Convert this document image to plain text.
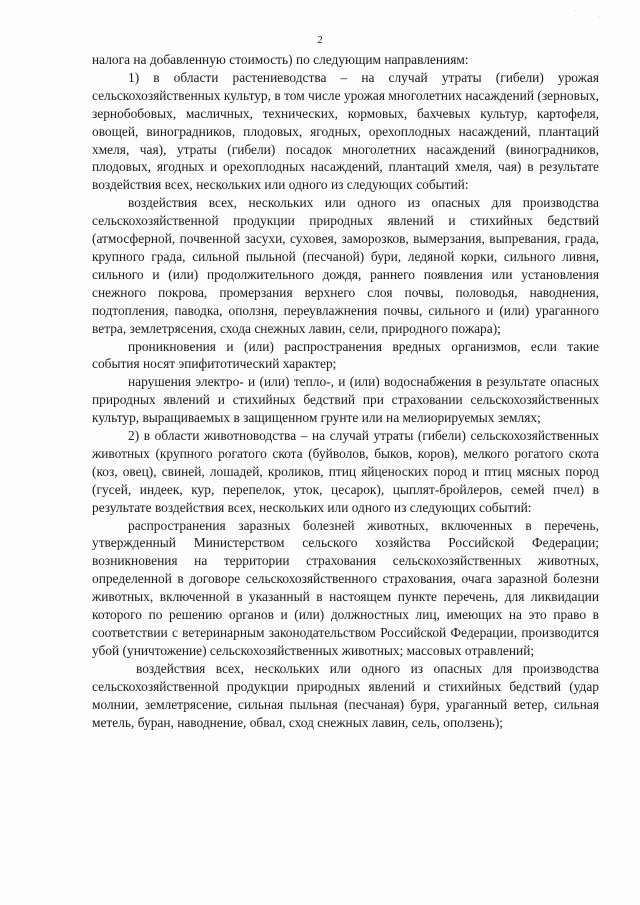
·
·
2

налога на добавленную стоимость) по следующим направлениям:

1) в области растениеводства – на случай утраты (гибели) урожая сельскохозяйственных культур, в том числе урожая многолетних насаждений (зерновых, зернобобовых, масличных, технических, кормовых, бахчевых культур, картофеля, овощей, виноградников, плодовых, ягодных, орехоплодных насаждений, плантаций хмеля, чая), утраты (гибели) посадок многолетних насаждений (виноградников, плодовых, ягодных и орехоплодных насаждений, плантаций хмеля, чая) в результате воздействия всех, нескольких или одного из следующих событий:

воздействия всех, нескольких или одного из опасных для производства сельскохозяйственной продукции природных явлений и стихийных бедствий (атмосферной, почвенной засухи, суховея, заморозков, вымерзания, выпревания, града, крупного града, сильной пыльной (песчаной) бури, ледяной корки, сильного ливня, сильного и (или) продолжительного дождя, раннего появления или установления снежного покрова, промерзания верхнего слоя почвы, половодья, наводнения, подтопления, паводка, оползня, переувлажнения почвы, сильного и (или) ураганного ветра, землетрясения, схода снежных лавин, сели, природного пожара);

проникновения и (или) распространения вредных организмов, если такие события носят эпифитотический характер;

нарушения электро- и (или) тепло-, и (или) водоснабжения в результате опасных природных явлений и стихийных бедствий при страховании сельскохозяйственных культур, выращиваемых в защищенном грунте или на мелиорируемых землях;

2) в области животноводства – на случай утраты (гибели) сельскохозяйственных животных (крупного рогатого скота (буйволов, быков, коров), мелкого рогатого скота (коз, овец), свиней, лошадей, кроликов, птиц яйценоских пород и птиц мясных пород (гусей, индеек, кур, перепелок, уток, цесарок), цыплят-бройлеров, семей пчел) в результате воздействия всех, нескольких или одного из следующих событий:

распространения заразных болезней животных, включенных в перечень, утвержденный Министерством сельского хозяйства Российской Федерации; возникновения на территории страхования сельскохозяйственных животных, определенной в договоре сельскохозяйственного страхования, очага заразной болезни животных, включенной в указанный в настоящем пункте перечень, для ликвидации которого по решению органов и (или) должностных лиц, имеющих на это право в соответствии с ветеринарным законодательством Российской Федерации, производится убой (уничтожение) сельскохозяйственных животных; массовых отравлений;

воздействия всех, нескольких или одного из опасных для производства сельскохозяйственной продукции природных явлений и стихийных бедствий (удар молнии, землетрясение, сильная пыльная (песчаная) буря, ураганный ветер, сильная метель, буран, наводнение, обвал, сход снежных лавин, сель, оползень);
